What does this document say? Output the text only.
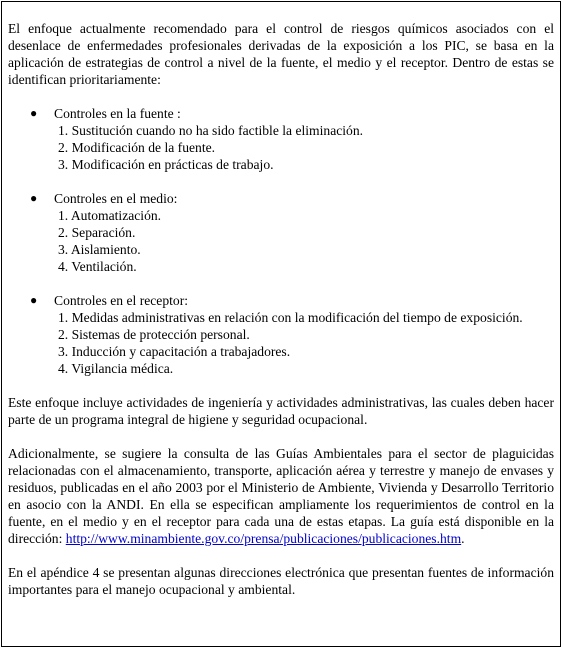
El enfoque actualmente recomendado para el control de riesgos químicos asociados con el desenlace de enfermedades profesionales derivadas de la exposición a los PIC, se basa en la aplicación de estrategias de control a nivel de la fuente, el medio y el receptor. Dentro de estas se identifican prioritariamente:

● Controles en la fuente :
1. Sustitución cuando no ha sido factible la eliminación.
2. Modificación de la fuente.
3. Modificación en prácticas de trabajo.
● Controles en el medio:
1. Automatización.
2. Separación.
3. Aislamiento.
4. Ventilación.
● Controles en el receptor:
1. Medidas administrativas en relación con la modificación del tiempo de exposición.
2. Sistemas de protección personal.
3. Inducción y capacitación a trabajadores.
4. Vigilancia médica.

Este enfoque incluye actividades de ingeniería y actividades administrativas, las cuales deben hacer parte de un programa integral de higiene y seguridad ocupacional.

Adicionalmente, se sugiere la consulta de las Guías Ambientales para el sector de plaguicidas relacionadas con el almacenamiento, transporte, aplicación aérea y terrestre y manejo de envases y residuos, publicadas en el año 2003 por el Ministerio de Ambiente, Vivienda y Desarrollo Territorio en asocio con la ANDI. En ella se especifican ampliamente los requerimientos de control en la fuente, en el medio y en el receptor para cada una de estas etapas. La guía está disponible en la dirección: http://www.minambiente.gov.co/prensa/publicaciones/publicaciones.htm.

En el apéndice 4 se presentan algunas direcciones electrónica que presentan fuentes de información importantes para el manejo ocupacional y ambiental.
